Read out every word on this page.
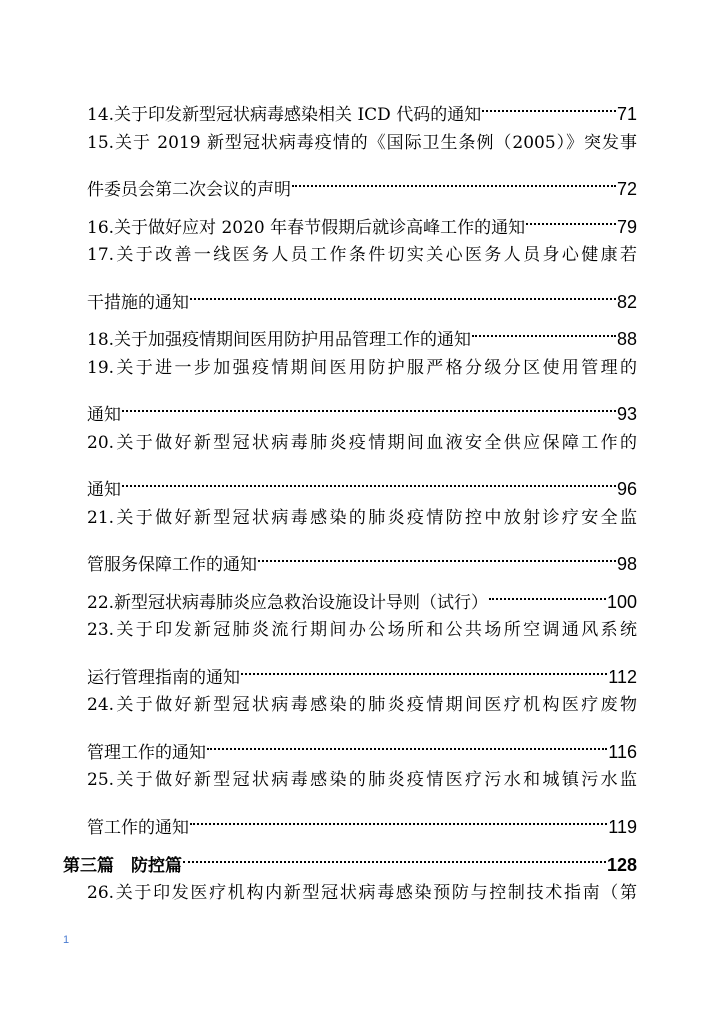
14.关于印发新型冠状病毒感染相关 ICD 代码的通知	71
15.关于 2019 新型冠状病毒疫情的《国际卫生条例（2005）》突发事
件委员会第二次会议的声明	72
16.关于做好应对 2020 年春节假期后就诊高峰工作的通知	79
17.关于改善一线医务人员工作条件切实关心医务人员身心健康若
干措施的通知	82
18.关于加强疫情期间医用防护用品管理工作的通知	88
19.关于进一步加强疫情期间医用防护服严格分级分区使用管理的
通知	93
20.关于做好新型冠状病毒肺炎疫情期间血液安全供应保障工作的
通知	96
21.关于做好新型冠状病毒感染的肺炎疫情防控中放射诊疗安全监
管服务保障工作的通知	98
22.新型冠状病毒肺炎应急救治设施设计导则（试行）	100
23.关于印发新冠肺炎流行期间办公场所和公共场所空调通风系统
运行管理指南的通知	112
24.关于做好新型冠状病毒感染的肺炎疫情期间医疗机构医疗废物
管理工作的通知	116
25.关于做好新型冠状病毒感染的肺炎疫情医疗污水和城镇污水监
管工作的通知	119
第三篇　防控篇	128
26.关于印发医疗机构内新型冠状病毒感染预防与控制技术指南（第
1
